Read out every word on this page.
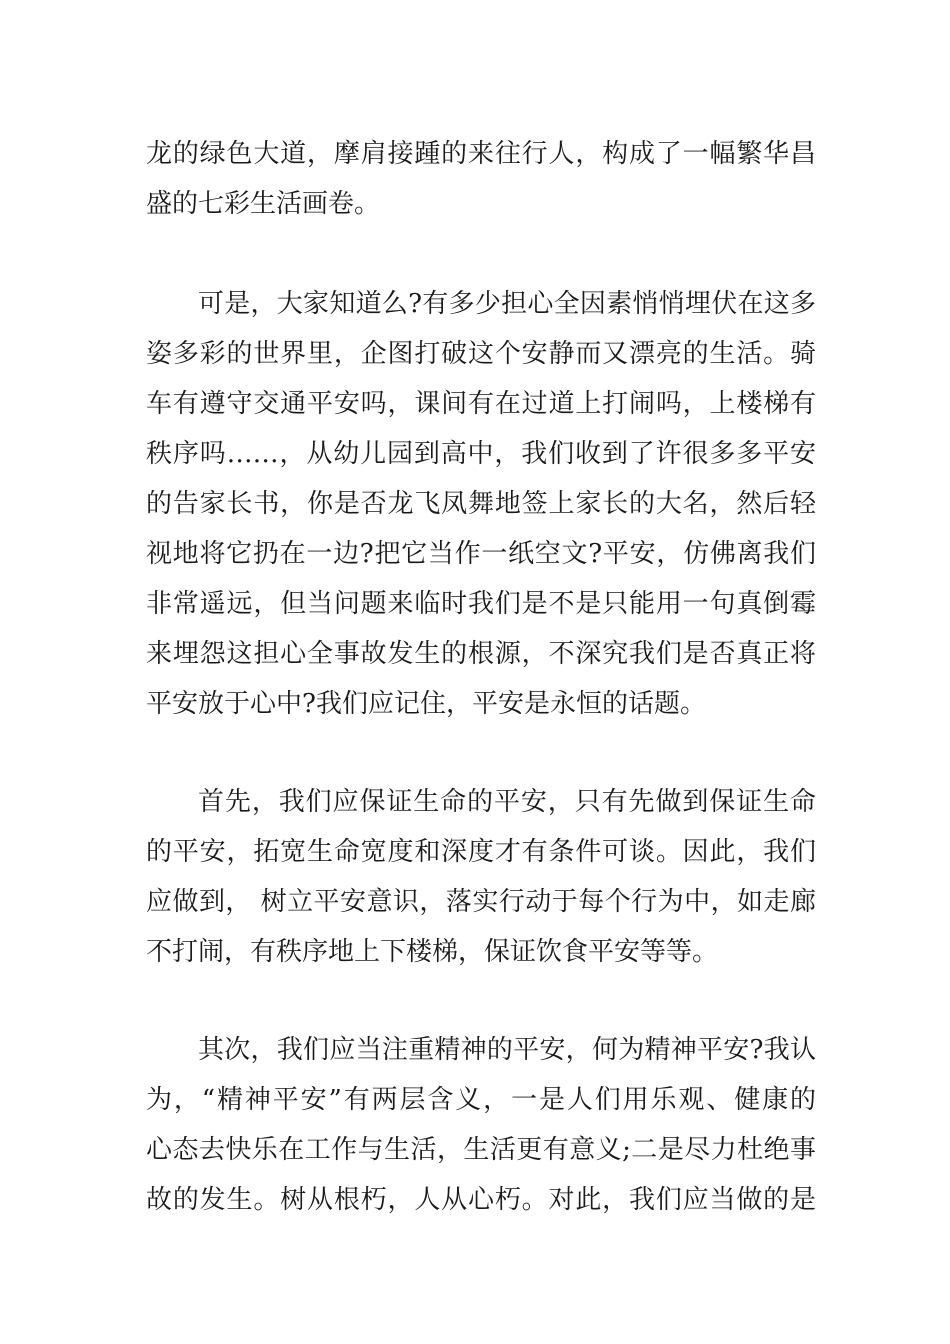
龙的绿色大道，摩肩接踵的来往行人，构成了一幅繁华昌
盛的七彩生活画卷。
可是，大家知道么?有多少担心全因素悄悄埋伏在这多
姿多彩的世界里，企图打破这个安静而又漂亮的生活。骑
车有遵守交通平安吗，课间有在过道上打闹吗，上楼梯有
秩序吗……，从幼儿园到高中，我们收到了许很多多平安
的告家长书，你是否龙飞凤舞地签上家长的大名，然后轻
视地将它扔在一边?把它当作一纸空文?平安，仿佛离我们
非常遥远，但当问题来临时我们是不是只能用一句真倒霉
来埋怨这担心全事故发生的根源，不深究我们是否真正将
平安放于心中?我们应记住，平安是永恒的话题。
首先，我们应保证生命的平安，只有先做到保证生命
的平安，拓宽生命宽度和深度才有条件可谈。因此，我们
应做到， 树立平安意识，落实行动于每个行为中，如走廊
不打闹，有秩序地上下楼梯，保证饮食平安等等。
其次，我们应当注重精神的平安，何为精神平安?我认
为，“精神平安”有两层含义，一是人们用乐观、健康的
心态去快乐在工作与生活，生活更有意义;二是尽力杜绝事
故的发生。树从根朽，人从心朽。对此，我们应当做的是
